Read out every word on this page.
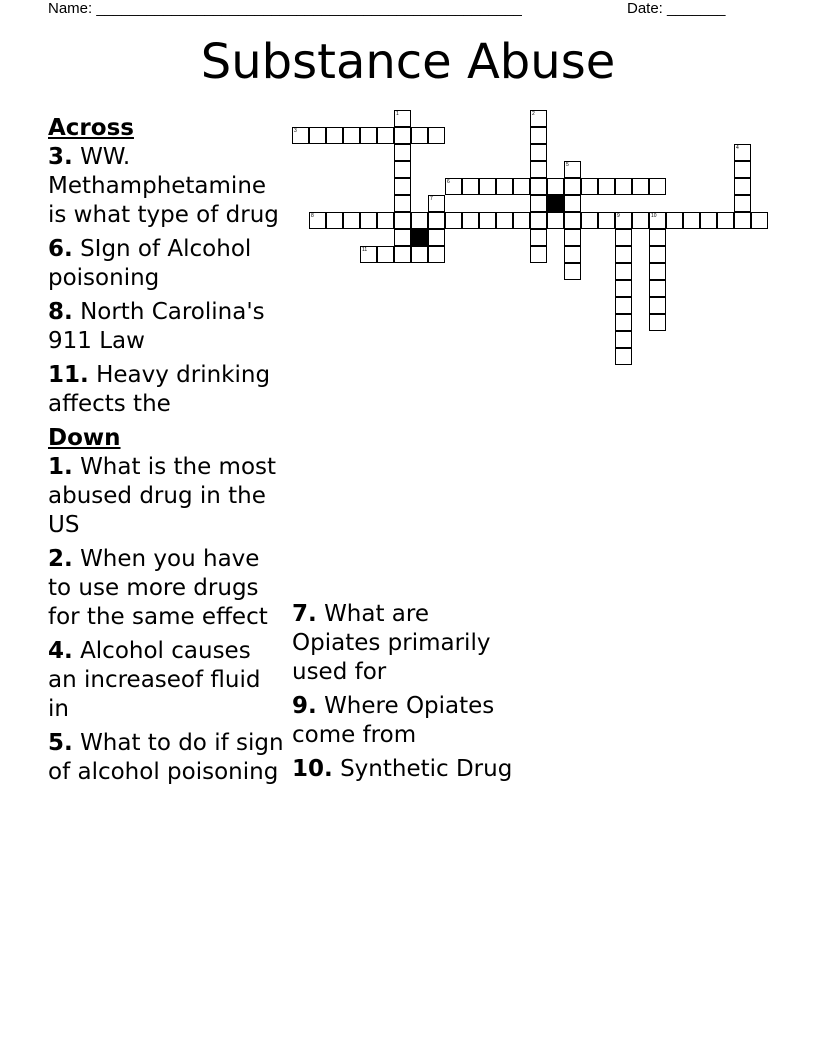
Name: ___________________________________________________	Date: _______
Substance Abuse
Across
3. WW. Methamphetamine is what type of drug
6. SIgn of Alcohol poisoning
8. North Carolina's 911 Law
11. Heavy drinking affects the
Down
1. What is the most abused drug in the US
2. When you have to use more drugs for the same effect
4. Alcohol causes an increaseof fluid in
5. What to do if sign of alcohol poisoning
7. What are Opiates primarily used for
9. Where Opiates come from
10. Synthetic Drug
3
6
8	9	10
11
1	2
4
5
7
